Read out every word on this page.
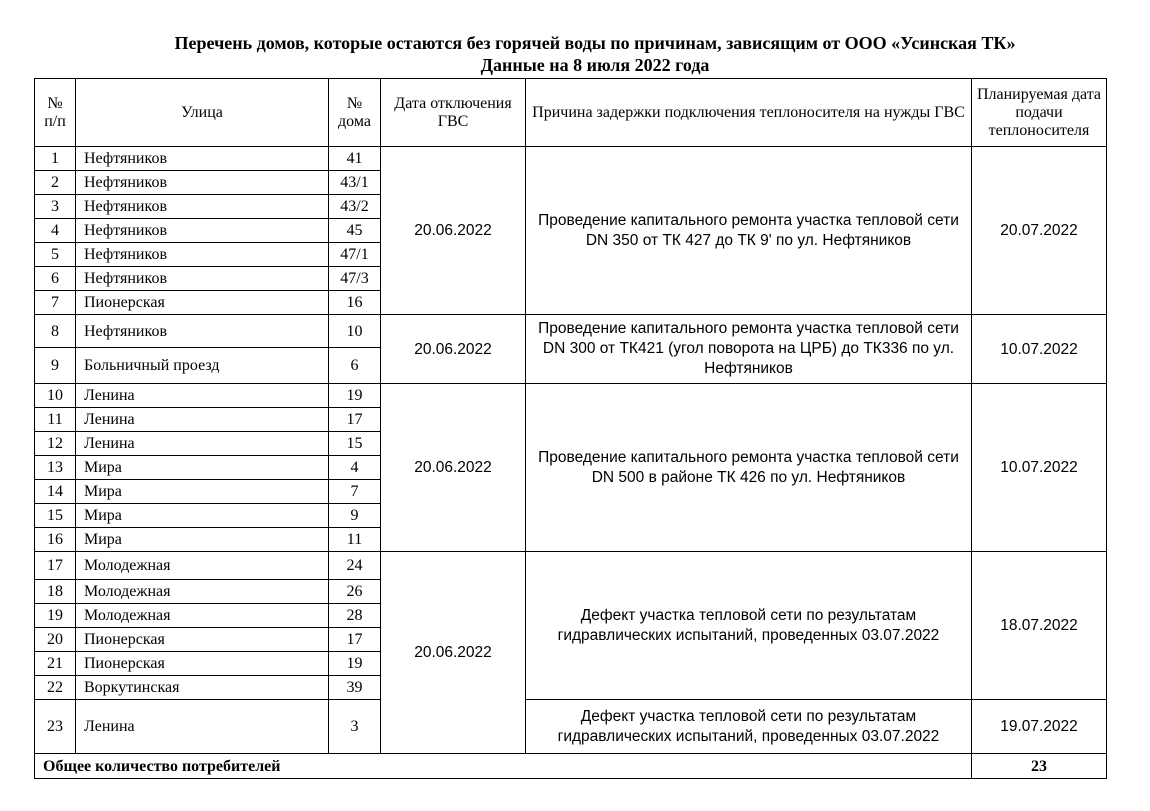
Перечень домов, которые остаются без горячей воды по причинам, зависящим от ООО «Усинская ТК»
Данные на 8 июля 2022 года
№ п/п	Улица	№ дома	Дата отключения ГВС	Причина задержки подключения теплоносителя на нужды ГВС	Планируемая дата подачи теплоносителя
1	Нефтяников	41	20.06.2022	Проведение капитального ремонта участка тепловой сети DN 350 от ТК 427 до ТК 9' по ул. Нефтяников	20.07.2022
2	Нефтяников	43/1			
3	Нефтяников	43/2			
4	Нефтяников	45			
5	Нефтяников	47/1			
6	Нефтяников	47/3			
7	Пионерская	16			
8	Нефтяников	10	20.06.2022	Проведение капитального ремонта участка тепловой сети DN 300 от ТК421 (угол поворота на ЦРБ) до ТК336 по ул. Нефтяников	10.07.2022
9	Больничный проезд	6			
10	Ленина	19	20.06.2022	Проведение капитального ремонта участка тепловой сети DN 500 в районе ТК 426 по ул. Нефтяников	10.07.2022
11	Ленина	17			
12	Ленина	15			
13	Мира	4			
14	Мира	7			
15	Мира	9			
16	Мира	11			
17	Молодежная	24	20.06.2022	Дефект участка тепловой сети по результатам гидравлических испытаний, проведенных 03.07.2022	18.07.2022
18	Молодежная	26			
19	Молодежная	28			
20	Пионерская	17			
21	Пионерская	19			
22	Воркутинская	39			
23	Ленина	3		Дефект участка тепловой сети по результатам гидравлических испытаний, проведенных 03.07.2022	19.07.2022
Общее количество потребителей					23
